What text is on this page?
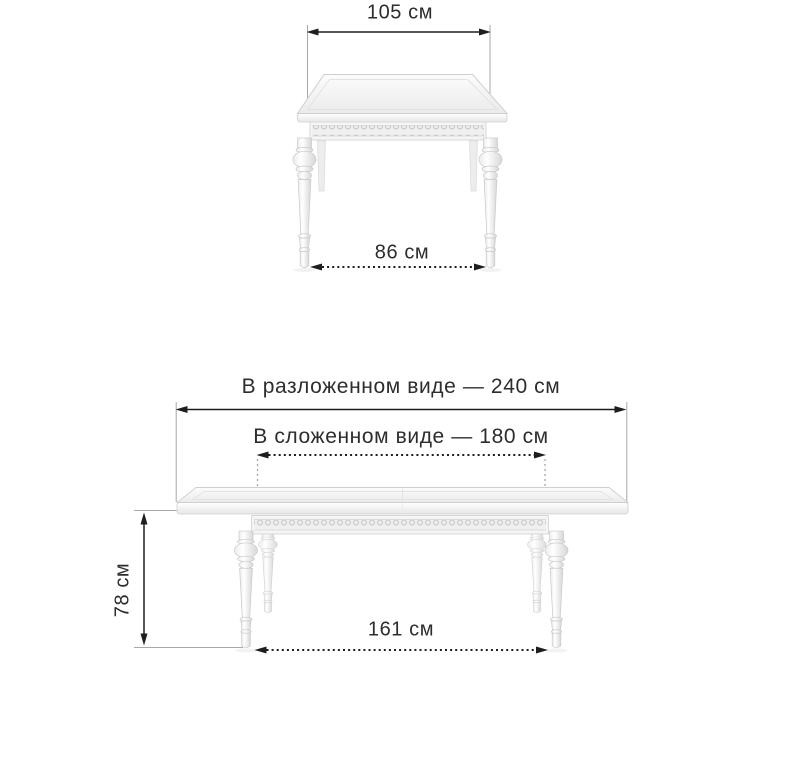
105 см
86 см
В разложенном виде — 240 см
В сложенном виде — 180 см
78 см
161 см
